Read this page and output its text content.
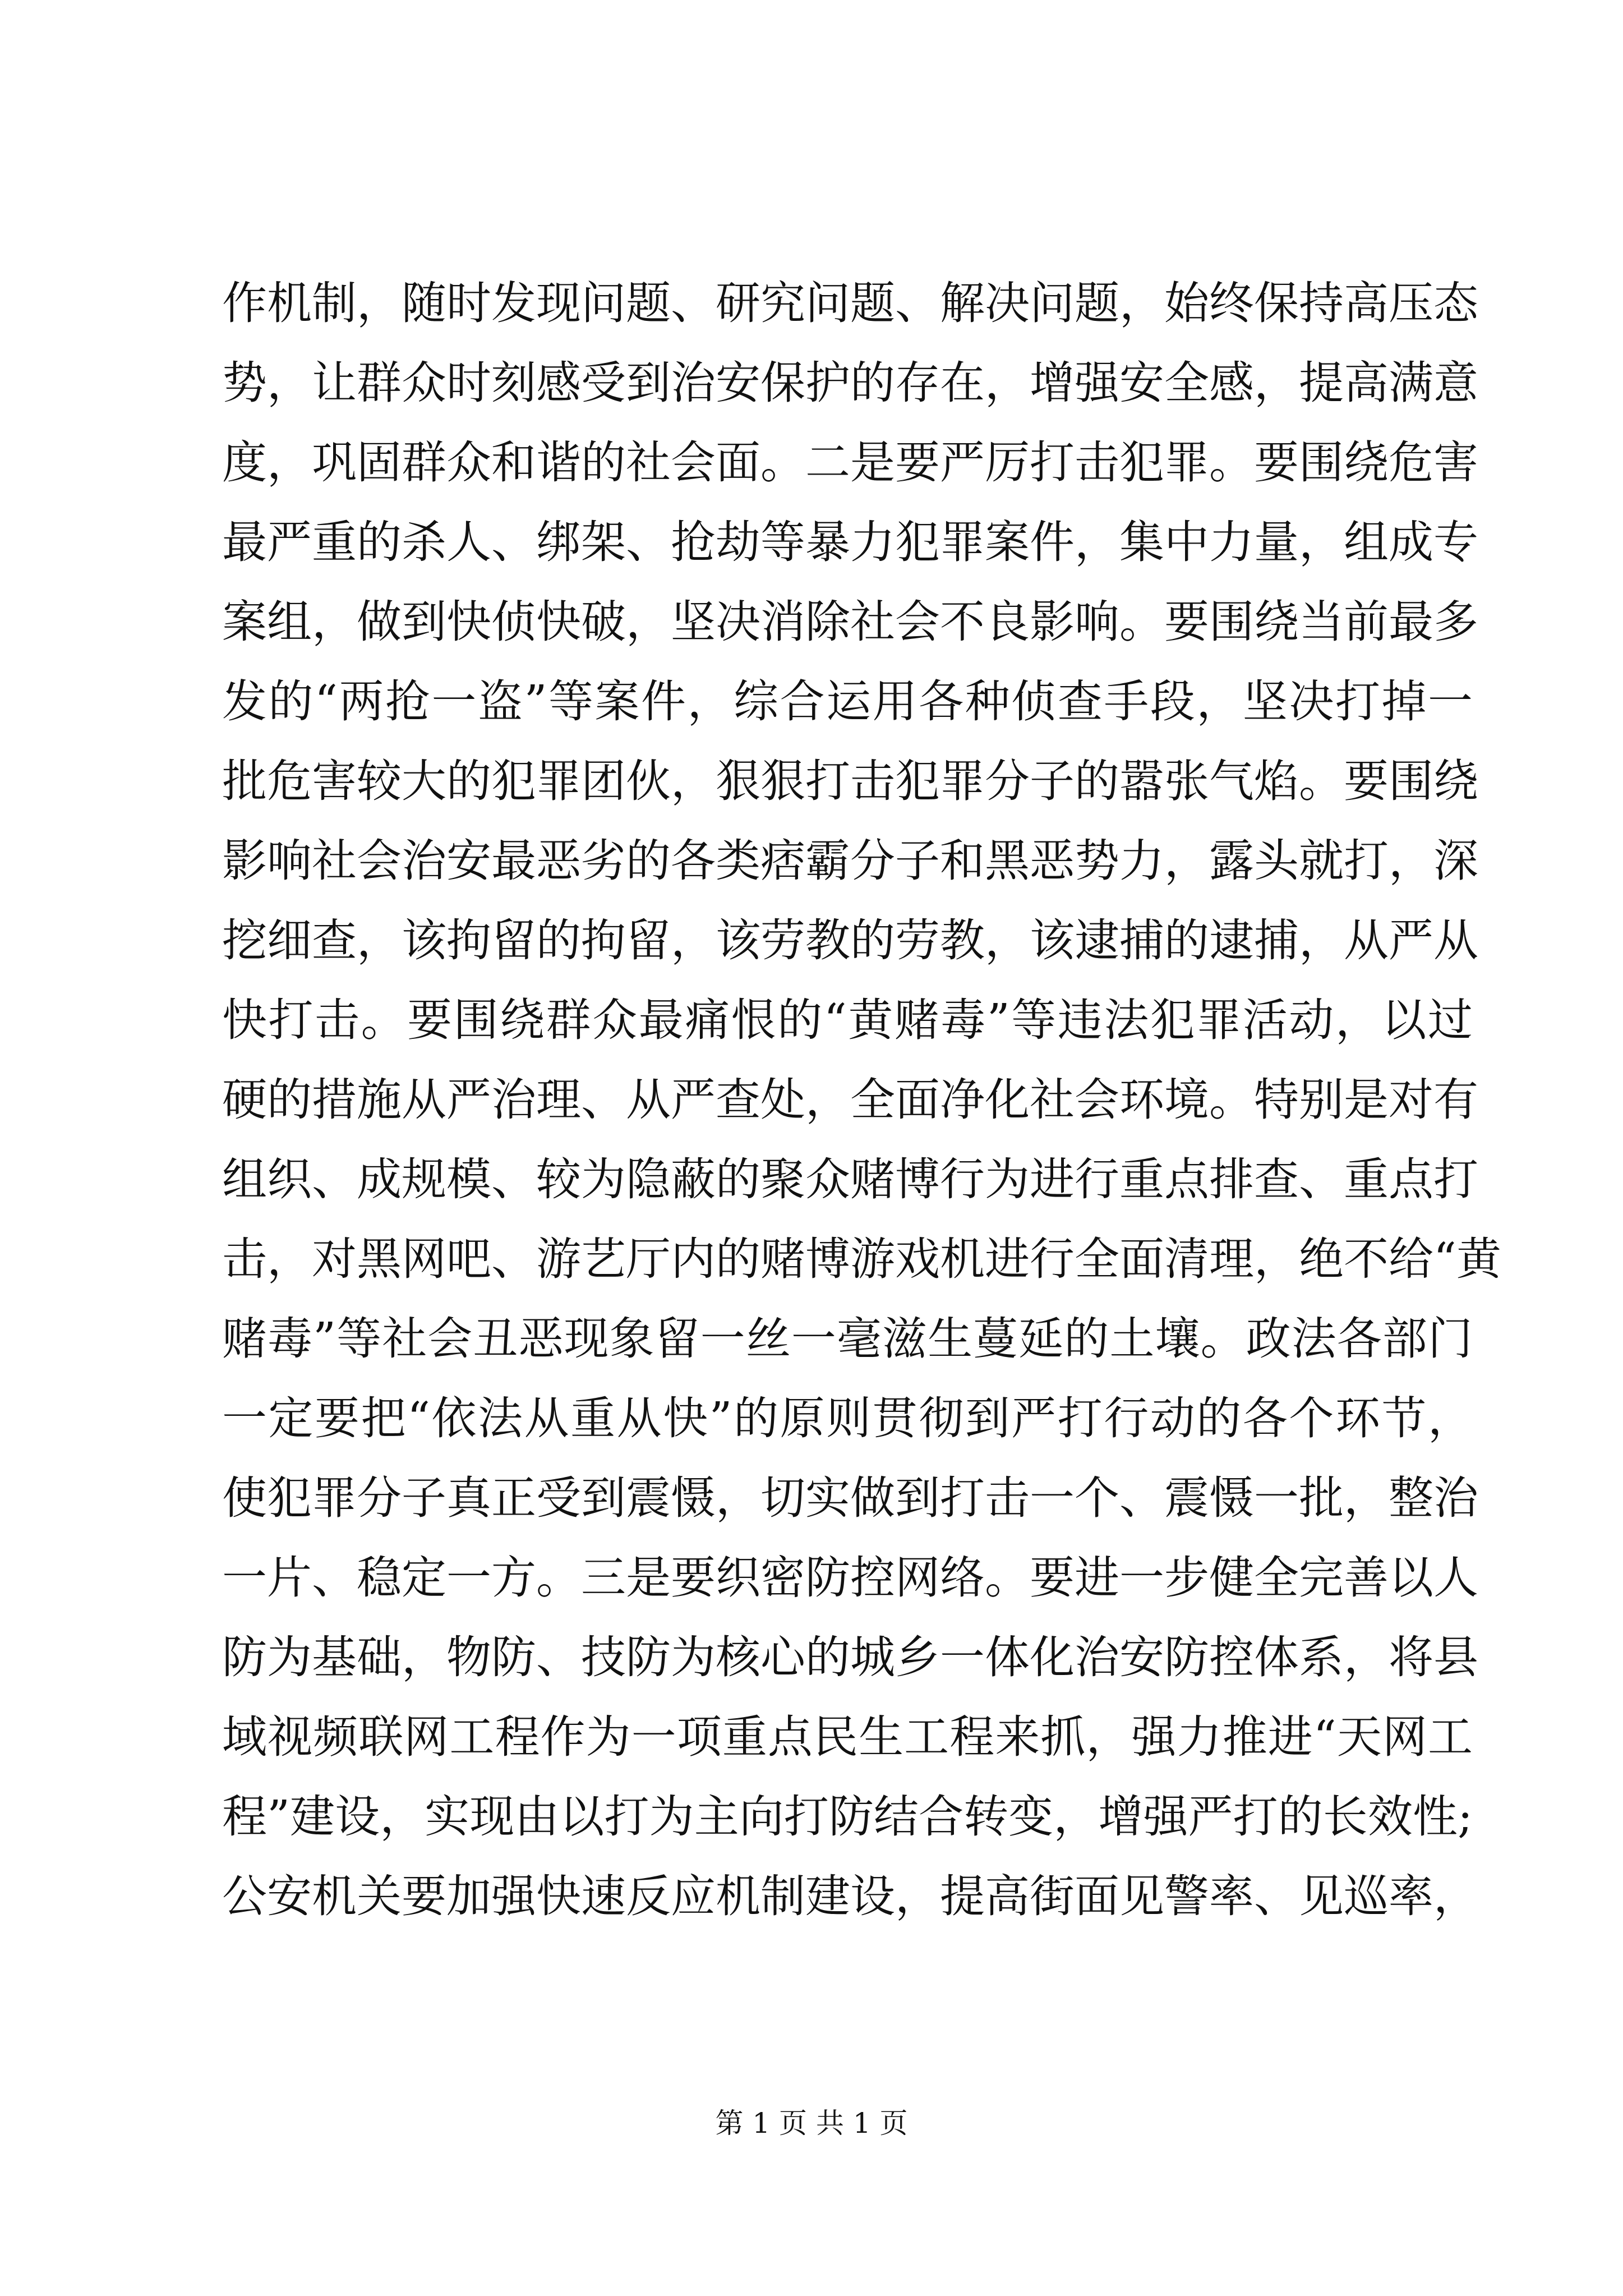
作机制，随时发现问题、研究问题、解决问题，始终保持高压态
势，让群众时刻感受到治安保护的存在，增强安全感，提高满意
度，巩固群众和谐的社会面。二是要严厉打击犯罪。要围绕危害
最严重的杀人、绑架、抢劫等暴力犯罪案件，集中力量，组成专
案组，做到快侦快破，坚决消除社会不良影响。要围绕当前最多
发的“两抢一盗”等案件，综合运用各种侦查手段，坚决打掉一
批危害较大的犯罪团伙，狠狠打击犯罪分子的嚣张气焰。要围绕
影响社会治安最恶劣的各类痞霸分子和黑恶势力，露头就打，深
挖细查，该拘留的拘留，该劳教的劳教，该逮捕的逮捕，从严从
快打击。要围绕群众最痛恨的“黄赌毒”等违法犯罪活动，以过
硬的措施从严治理、从严查处，全面净化社会环境。特别是对有
组织、成规模、较为隐蔽的聚众赌博行为进行重点排查、重点打
击，对黑网吧、游艺厅内的赌博游戏机进行全面清理，绝不给“黄
赌毒”等社会丑恶现象留一丝一毫滋生蔓延的土壤。政法各部门
一定要把“依法从重从快”的原则贯彻到严打行动的各个环节，
使犯罪分子真正受到震慑，切实做到打击一个、震慑一批，整治
一片、稳定一方。三是要织密防控网络。要进一步健全完善以人
防为基础，物防、技防为核心的城乡一体化治安防控体系，将县
域视频联网工程作为一项重点民生工程来抓，强力推进“天网工
程”建设，实现由以打为主向打防结合转变，增强严打的长效性;
公安机关要加强快速反应机制建设，提高街面见警率、见巡率，
第 1 页 共 1 页
